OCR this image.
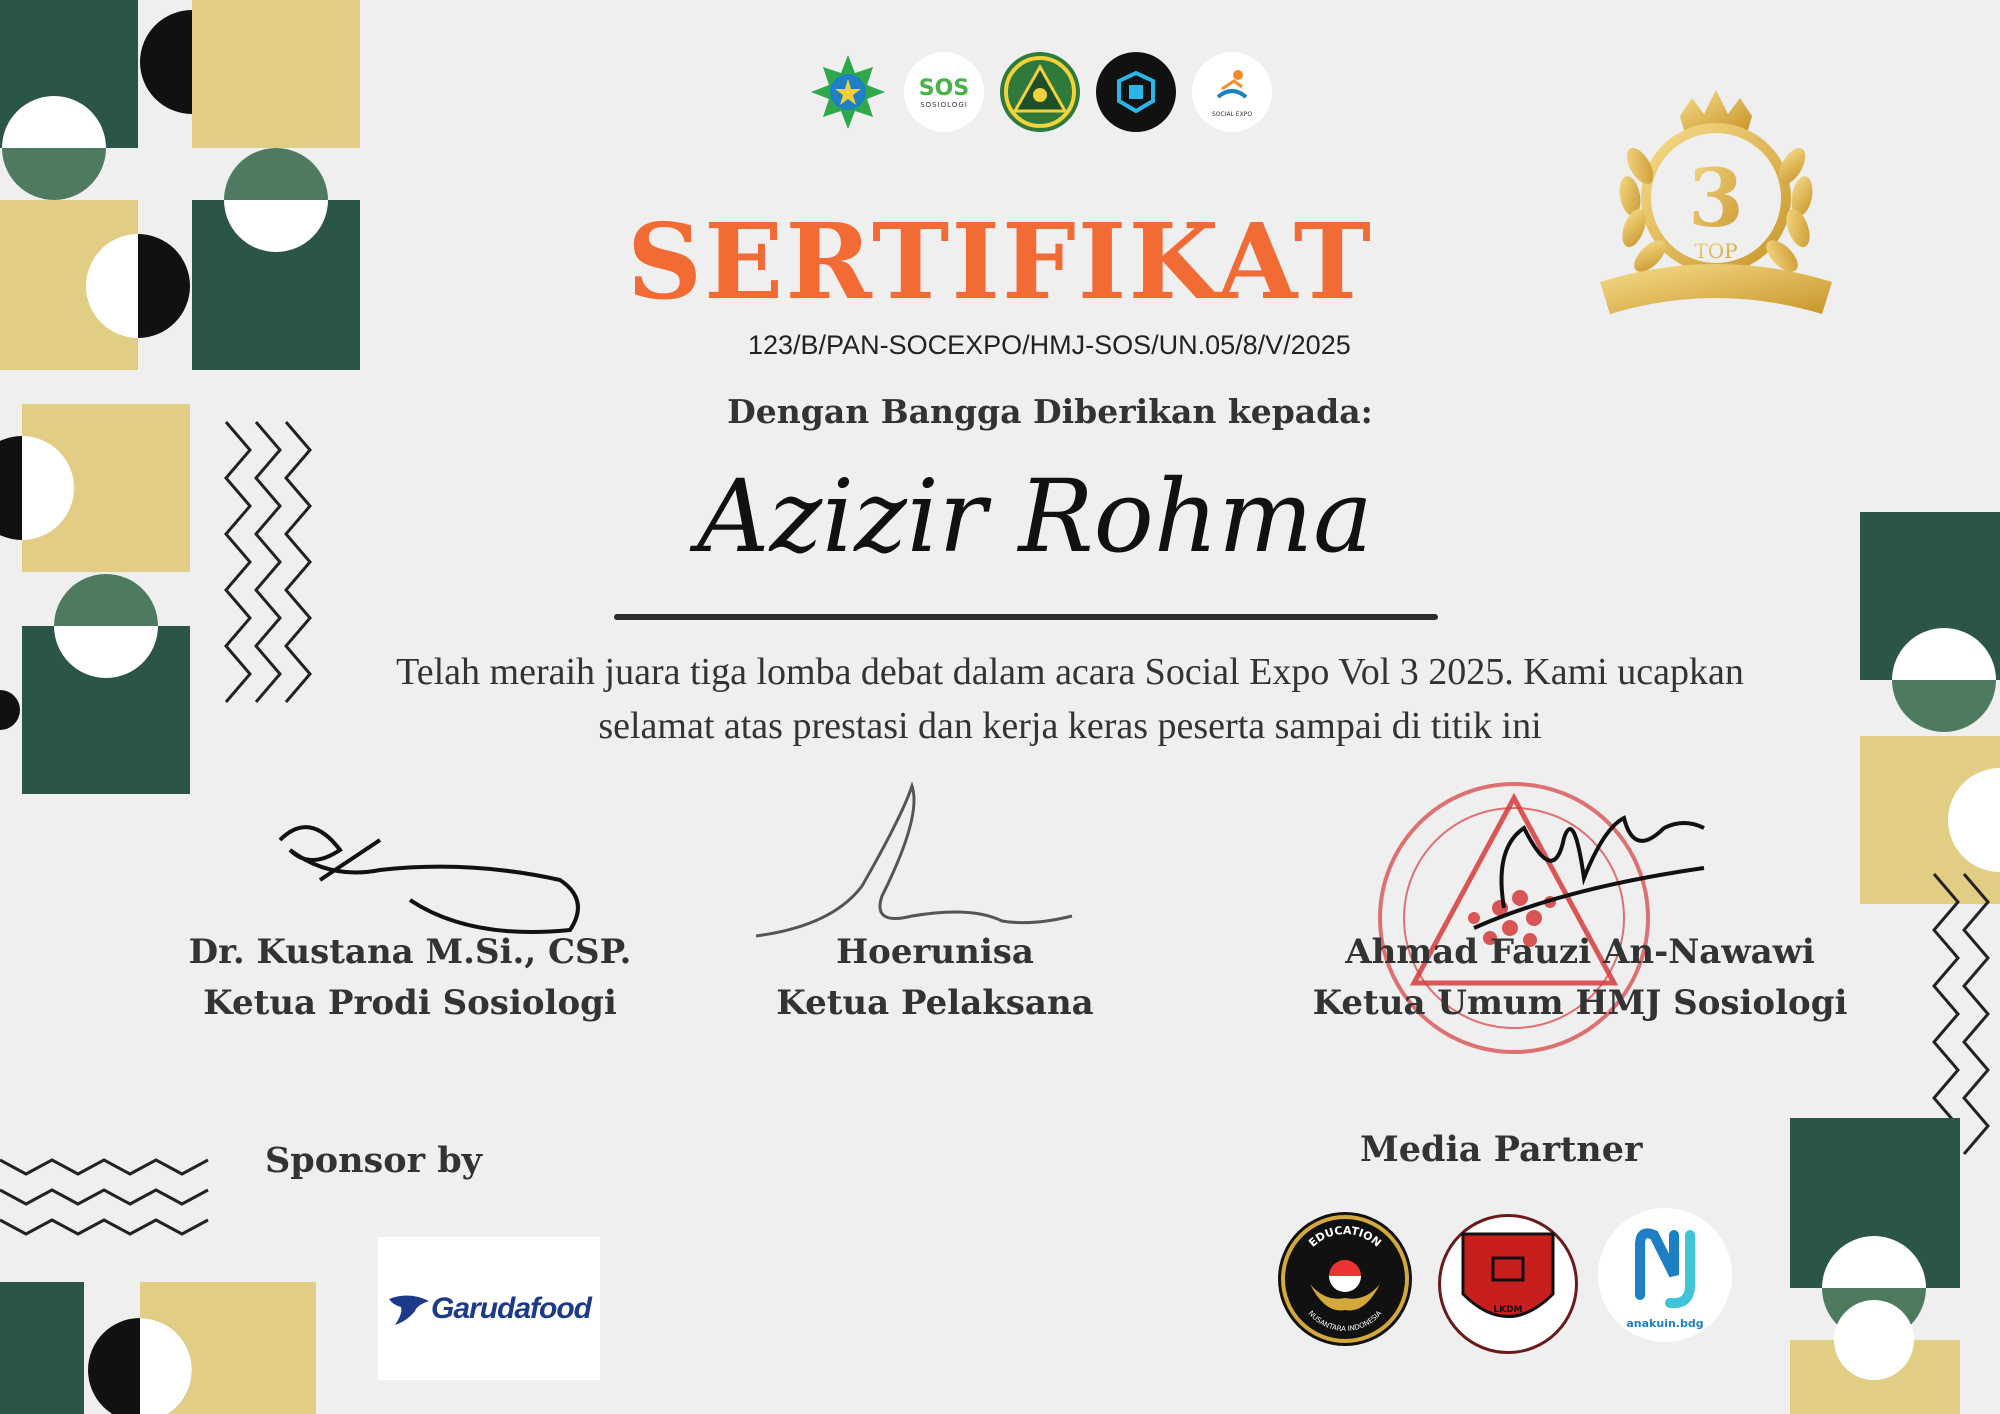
SOS
SOSIOLOGI
SOCIAL EXPO
3
TOP
SERTIFIKAT
123/B/PAN-SOCEXPO/HMJ-SOS/UN.05/8/V/2025
Dengan Bangga Diberikan kepada:
Azizir Rohma
Telah meraih juara tiga lomba debat dalam acara Social Expo Vol 3 2025. Kami ucapkan selamat atas prestasi dan kerja keras peserta sampai di titik ini
Dr. Kustana M.Si., CSP.
Ketua Prodi Sosiologi
Hoerunisa
Ketua Pelaksana
Ahmad Fauzi An-Nawawi
Ketua Umum HMJ Sosiologi
Sponsor by
Garudafood
Media Partner
EDUCATION
NUSANTARA INDONESIA	LKDM
anakuin.bdg
